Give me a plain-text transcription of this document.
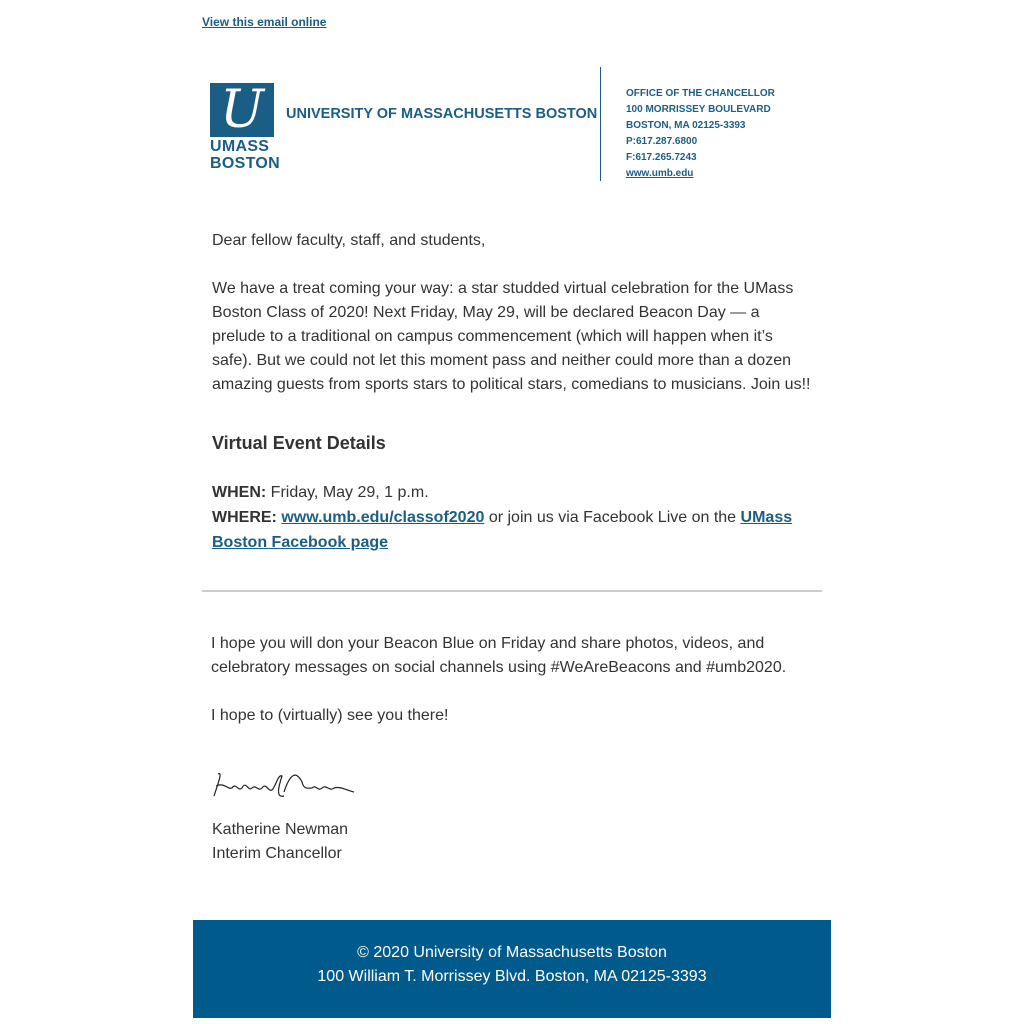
View this email online
U
UMASS
BOSTON
UNIVERSITY OF MASSACHUSETTS BOSTON
OFFICE OF THE CHANCELLOR
100 MORRISSEY BOULEVARD
BOSTON, MA 02125-3393
P:617.287.6800
F:617.265.7243
www.umb.edu

Dear fellow faculty, staff, and students,

We have a treat coming your way: a star studded virtual celebration for the UMass Boston Class of 2020! Next Friday, May 29, will be declared Beacon Day — a prelude to a traditional on campus commencement (which will happen when it’s safe). But we could not let this moment pass and neither could more than a dozen amazing guests from sports stars to political stars, comedians to musicians. Join us!!

Virtual Event Details
WHEN: Friday, May 29, 1 p.m.
WHERE: www.umb.edu/classof2020 or join us via Facebook Live on the UMass Boston Facebook page

I hope you will don your Beacon Blue on Friday and share photos, videos, and celebratory messages on social channels using #WeAreBeacons and #umb2020.

I hope to (virtually) see you there!

Katherine Newman
Interim Chancellor
© 2020 University of Massachusetts Boston
100 William T. Morrissey Blvd. Boston, MA 02125-3393
